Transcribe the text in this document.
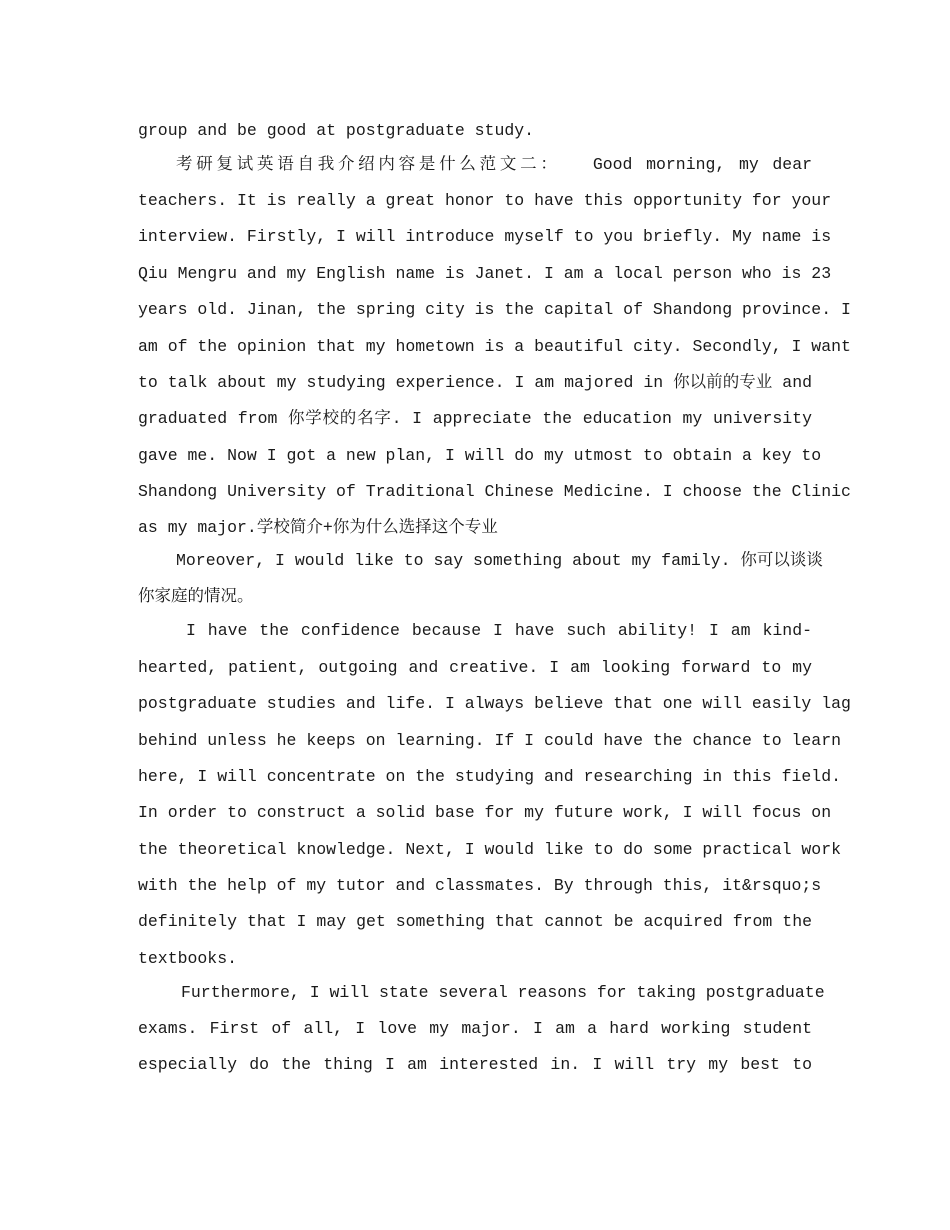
group and be good at postgraduate study.
考研复试英语自我介绍内容是什么范文二：　　Good morning, my dear
teachers. It is really a great honor to have this opportunity for your
interview. Firstly, I will introduce myself to you briefly. My name is
Qiu Mengru and my English name is Janet. I am a local person who is 23
years old. Jinan, the spring city is the capital of Shandong province. I
am of the opinion that my hometown is a beautiful city. Secondly, I want
to talk about my studying experience. I am majored in 你以前的专业 and
graduated from 你学校的名字. I appreciate the education my university
gave me. Now I got a new plan, I will do my utmost to obtain a key to
Shandong University of Traditional Chinese Medicine. I choose the Clinic
as my major.学校简介+你为什么选择这个专业
Moreover, I would like to say something about my family. 你可以谈谈
你家庭的情况。
I have the confidence because I have such ability! I am kind-
hearted, patient, outgoing and creative. I am looking forward to my
postgraduate studies and life. I always believe that one will easily lag
behind unless he keeps on learning. If I could have the chance to learn
here, I will concentrate on the studying and researching in this field.
In order to construct a solid base for my future work, I will focus on
the theoretical knowledge. Next, I would like to do some practical work
with the help of my tutor and classmates. By through this, it&rsquo;s
definitely that I may get something that cannot be acquired from the
textbooks.
Furthermore, I will state several reasons for taking postgraduate
exams. First of all, I love my major. I am a hard working student
especially do the thing I am interested in. I will try my best to
